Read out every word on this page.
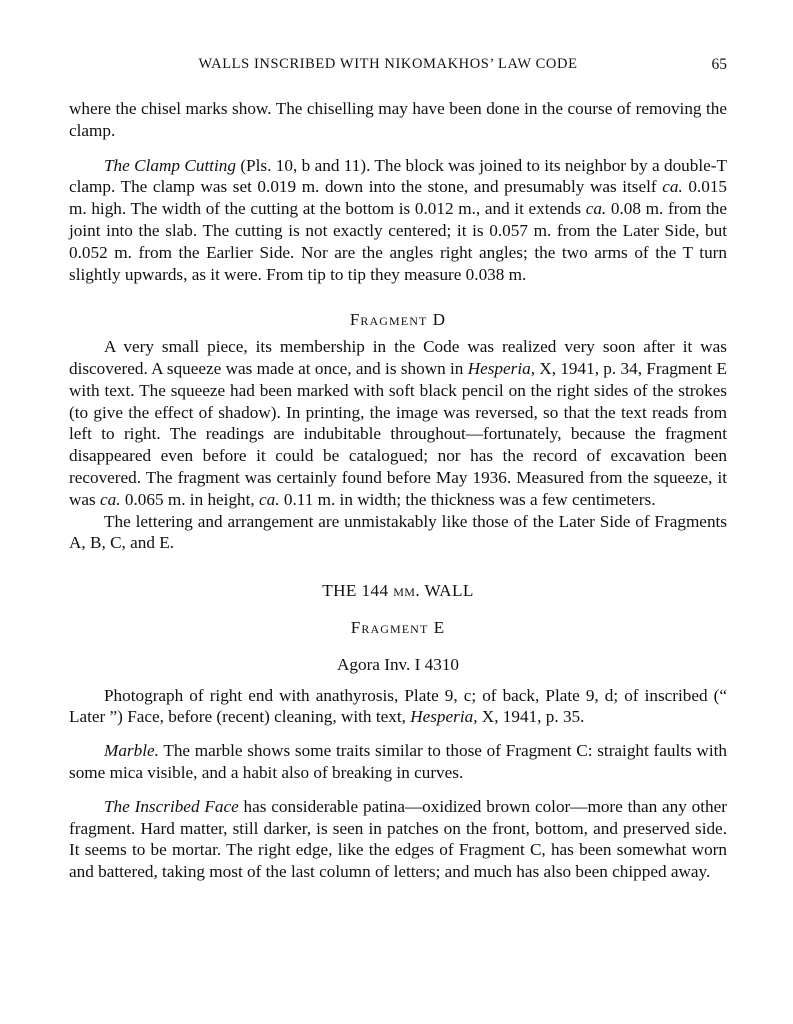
WALLS INSCRIBED WITH NIKOMAKHOS’ LAW CODE	65

where the chisel marks show. The chiselling may have been done in the course of removing the clamp.

The Clamp Cutting (Pls. 10, b and 11). The block was joined to its neighbor by a double-T clamp. The clamp was set 0.019 m. down into the stone, and presumably was itself ca. 0.015 m. high. The width of the cutting at the bottom is 0.012 m., and it extends ca. 0.08 m. from the joint into the slab. The cutting is not exactly centered; it is 0.057 m. from the Later Side, but 0.052 m. from the Earlier Side. Nor are the angles right angles; the two arms of the T turn slightly upwards, as it were. From tip to tip they measure 0.038 m.

Fragment D

A very small piece, its membership in the Code was realized very soon after it was discovered. A squeeze was made at once, and is shown in Hesperia, X, 1941, p. 34, Fragment E with text. The squeeze had been marked with soft black pencil on the right sides of the strokes (to give the effect of shadow). In printing, the image was reversed, so that the text reads from left to right. The readings are indubitable throughout—fortunately, because the fragment disappeared even before it could be catalogued; nor has the record of excavation been recovered. The fragment was certainly found before May 1936. Measured from the squeeze, it was ca. 0.065 m. in height, ca. 0.11 m. in width; the thickness was a few centimeters.

The lettering and arrangement are unmistakably like those of the Later Side of Fragments A, B, C, and E.

THE 144 mm. WALL
Fragment E
Agora Inv. I 4310

Photograph of right end with anathyrosis, Plate 9, c; of back, Plate 9, d; of inscribed (“ Later ”) Face, before (recent) cleaning, with text, Hesperia, X, 1941, p. 35.

Marble. The marble shows some traits similar to those of Fragment C: straight faults with some mica visible, and a habit also of breaking in curves.

The Inscribed Face has considerable patina—oxidized brown color—more than any other fragment. Hard matter, still darker, is seen in patches on the front, bottom, and preserved side. It seems to be mortar. The right edge, like the edges of Fragment C, has been somewhat worn and battered, taking most of the last column of letters; and much has also been chipped away.
